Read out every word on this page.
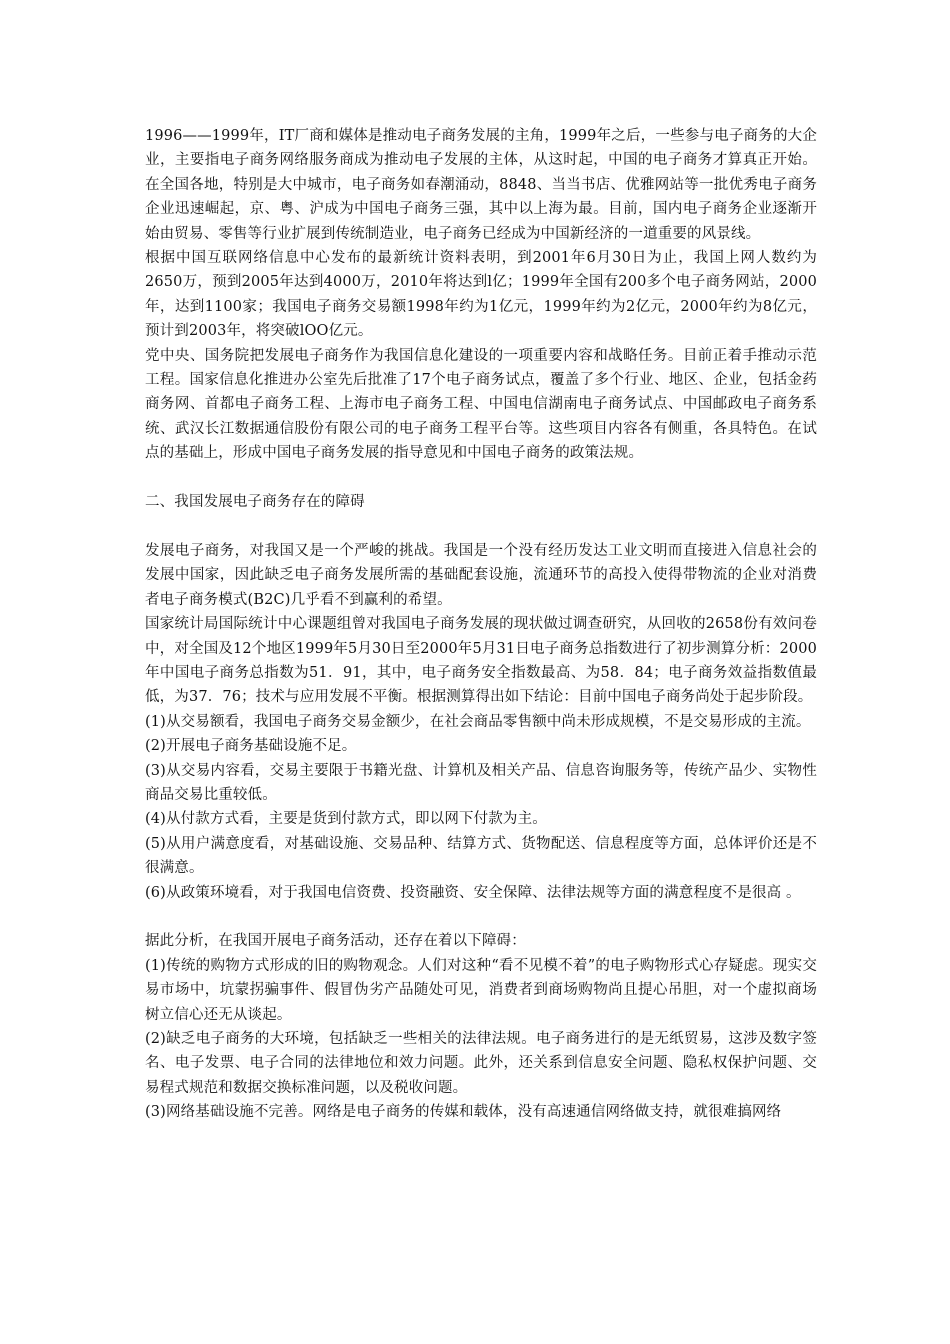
1996——1999年，IT厂商和媒体是推动电子商务发展的主角，1999年之后，一些参与电子商务的大企业，主要指电子商务网络服务商成为推动电子发展的主体，从这时起，中国的电子商务才算真正开始。在全国各地，特别是大中城市，电子商务如春潮涌动，8848、当当书店、优雅网站等一批优秀电子商务企业迅速崛起，京、粤、沪成为中国电子商务三强，其中以上海为最。目前，国内电子商务企业逐渐开始由贸易、零售等行业扩展到传统制造业，电子商务已经成为中国新经济的一道重要的风景线。

根据中国互联网络信息中心发布的最新统计资料表明，到2001年6月30日为止，我国上网人数约为2650万，预到2005年达到4000万，2010年将达到l亿；1999年全国有200多个电子商务网站，2000年，达到1100家；我国电子商务交易额1998年约为1亿元，1999年约为2亿元，2000年约为8亿元，预计到2003年，将突破lOO亿元。

党中央、国务院把发展电子商务作为我国信息化建设的一项重要内容和战略任务。目前正着手推动示范工程。国家信息化推进办公室先后批准了17个电子商务试点，覆盖了多个行业、地区、企业，包括金药商务网、首都电子商务工程、上海市电子商务工程、中国电信湖南电子商务试点、中国邮政电子商务系统、武汉长江数据通信股份有限公司的电子商务工程平台等。这些项目内容各有侧重，各具特色。在试点的基础上，形成中国电子商务发展的指导意见和中国电子商务的政策法规。

二、我国发展电子商务存在的障碍

发展电子商务，对我国又是一个严峻的挑战。我国是一个没有经历发达工业文明而直接进入信息社会的发展中国家，因此缺乏电子商务发展所需的基础配套设施，流通环节的高投入使得带物流的企业对消费者电子商务模式(B2C)几乎看不到赢利的希望。

国家统计局国际统计中心课题组曾对我国电子商务发展的现状做过调查研究，从回收的2658份有效问卷中，对全国及12个地区1999年5月30日至2000年5月31日电子商务总指数进行了初步测算分析：2000年中国电子商务总指数为51．91，其中，电子商务安全指数最高、为58．84；电子商务效益指数值最低，为37．76；技术与应用发展不平衡。根据测算得出如下结论：目前中国电子商务尚处于起步阶段。

(1)从交易额看，我国电子商务交易金额少，在社会商品零售额中尚未形成规模，不是交易形成的主流。

(2)开展电子商务基础设施不足。

(3)从交易内容看，交易主要限于书籍光盘、计算机及相关产品、信息咨询服务等，传统产品少、实物性商品交易比重较低。

(4)从付款方式看，主要是货到付款方式，即以网下付款为主。

(5)从用户满意度看，对基础设施、交易品种、结算方式、货物配送、信息程度等方面，总体评价还是不很满意。

(6)从政策环境看，对于我国电信资费、投资融资、安全保障、法律法规等方面的满意程度不是很高 。

据此分析，在我国开展电子商务活动，还存在着以下障碍：

(1)传统的购物方式形成的旧的购物观念。人们对这种“看不见模不着”的电子购物形式心存疑虑。现实交易市场中，坑蒙拐骗事件、假冒伪劣产品随处可见，消费者到商场购物尚且提心吊胆，对一个虚拟商场树立信心还无从谈起。

(2)缺乏电子商务的大环境，包括缺乏一些相关的法律法规。电子商务进行的是无纸贸易，这涉及数字签名、电子发票、电子合同的法律地位和效力问题。此外，还关系到信息安全问题、隐私权保护问题、交易程式规范和数据交换标准问题，以及税收问题。

(3)网络基础设施不完善。网络是电子商务的传媒和载体，没有高速通信网络做支持，就很难搞网络
